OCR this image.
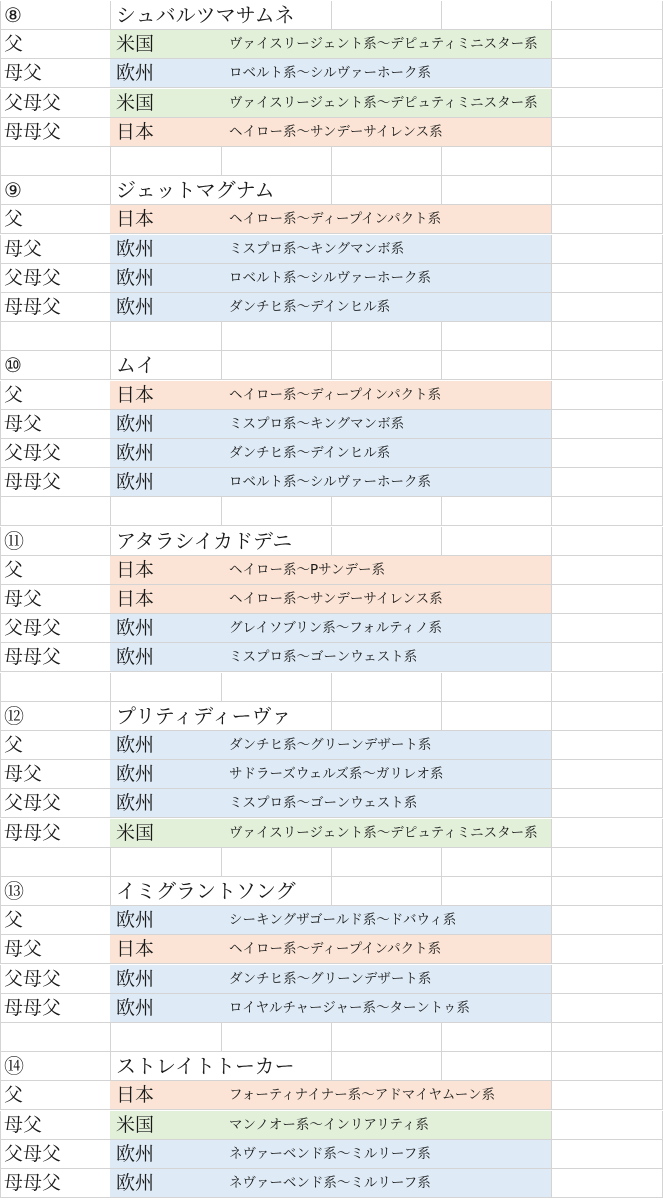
⑧	シュバルツマサムネ
父	米国	ヴァイスリージェント系～デピュティミニスター系
母父	欧州	ロベルト系～シルヴァーホーク系
父母父	米国	ヴァイスリージェント系～デピュティミニスター系
母母父	日本	ヘイロー系～サンデーサイレンス系
⑨	ジェットマグナム
父	日本	ヘイロー系～ディープインパクト系
母父	欧州	ミスプロ系～キングマンボ系
父母父	欧州	ロベルト系～シルヴァーホーク系
母母父	欧州	ダンチヒ系～デインヒル系
⑩	ムイ
父	日本	ヘイロー系～ディープインパクト系
母父	欧州	ミスプロ系～キングマンボ系
父母父	欧州	ダンチヒ系～デインヒル系
母母父	欧州	ロベルト系～シルヴァーホーク系
⑪	アタラシイカドデニ
父	日本	ヘイロー系～Pサンデー系
母父	日本	ヘイロー系～サンデーサイレンス系
父母父	欧州	グレイソブリン系～フォルティノ系
母母父	欧州	ミスプロ系～ゴーンウェスト系
⑫	プリティディーヴァ
父	欧州	ダンチヒ系～グリーンデザート系
母父	欧州	サドラーズウェルズ系～ガリレオ系
父母父	欧州	ミスプロ系～ゴーンウェスト系
母母父	米国	ヴァイスリージェント系～デピュティミニスター系
⑬	イミグラントソング
父	欧州	シーキングザゴールド系～ドバウィ系
母父	日本	ヘイロー系～ディープインパクト系
父母父	欧州	ダンチヒ系～グリーンデザート系
母母父	欧州	ロイヤルチャージャー系～ターントゥ系
⑭	ストレイトトーカー
父	日本	フォーティナイナー系～アドマイヤムーン系
母父	米国	マンノオー系～インリアリティ系
父母父	欧州	ネヴァーベンド系～ミルリーフ系
母母父	欧州	ネヴァーベンド系～ミルリーフ系
